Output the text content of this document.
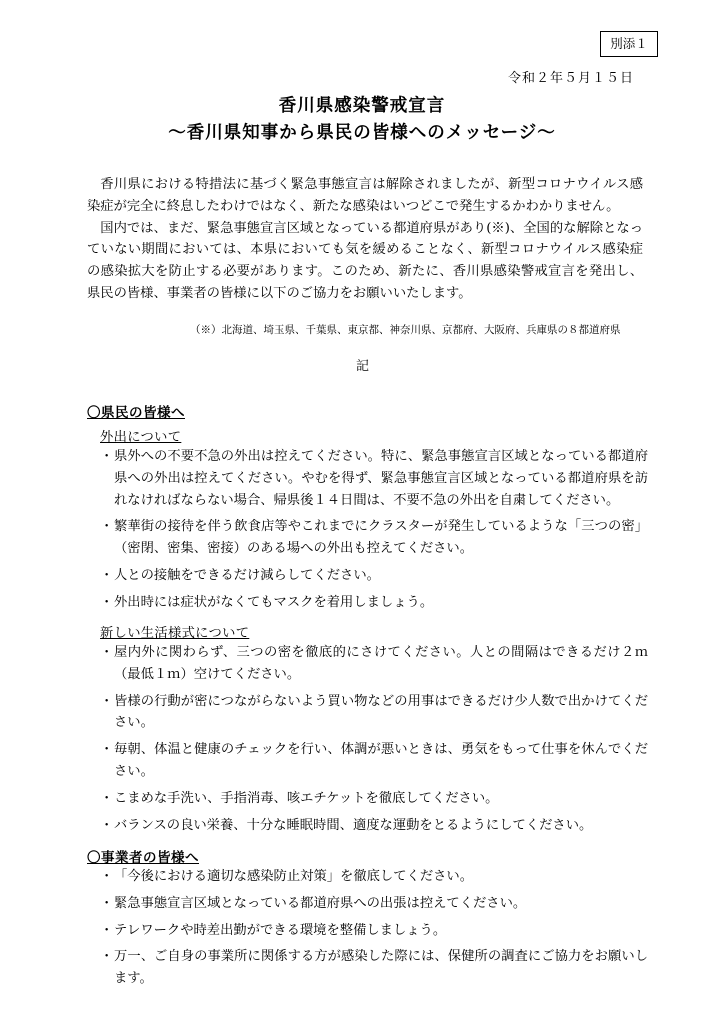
別添１
令和２年５月１５日
香川県感染警戒宣言
～香川県知事から県民の皆様へのメッセージ～
香川県における特措法に基づく緊急事態宣言は解除されましたが、新型コロナウイルス感染症が完全に終息したわけではなく、新たな感染はいつどこで発生するかわかりません。
国内では、まだ、緊急事態宣言区域となっている都道府県があり(※)、全国的な解除となっていない期間においては、本県においても気を緩めることなく、新型コロナウイルス感染症の感染拡大を防止する必要があります。このため、新たに、香川県感染警戒宣言を発出し、県民の皆様、事業者の皆様に以下のご協力をお願いいたします。
（※）北海道、埼玉県、千葉県、東京都、神奈川県、京都府、大阪府、兵庫県の８都道府県
記
〇県民の皆様へ
外出について
・ 県外への不要不急の外出は控えてください。特に、緊急事態宣言区域となっている都道府県への外出は控えてください。やむを得ず、緊急事態宣言区域となっている都道府県を訪れなければならない場合、帰県後１４日間は、不要不急の外出を自粛してください。
・ 繁華街の接待を伴う飲食店等やこれまでにクラスターが発生しているような「三つの密」（密閉、密集、密接）のある場への外出も控えてください。
・ 人との接触をできるだけ減らしてください。
・ 外出時には症状がなくてもマスクを着用しましょう。
新しい生活様式について
・ 屋内外に関わらず、三つの密を徹底的にさけてください。人との間隔はできるだけ２ｍ（最低１ｍ）空けてください。
・ 皆様の行動が密につながらないよう買い物などの用事はできるだけ少人数で出かけてください。
・ 毎朝、体温と健康のチェックを行い、体調が悪いときは、勇気をもって仕事を休んでください。
・ こまめな手洗い、手指消毒、咳エチケットを徹底してください。
・ バランスの良い栄養、十分な睡眠時間、適度な運動をとるようにしてください。
〇事業者の皆様へ
・ 「今後における適切な感染防止対策」を徹底してください。
・ 緊急事態宣言区域となっている都道府県への出張は控えてください。
・ テレワークや時差出勤ができる環境を整備しましょう。
・ 万一、ご自身の事業所に関係する方が感染した際には、保健所の調査にご協力をお願いします。
